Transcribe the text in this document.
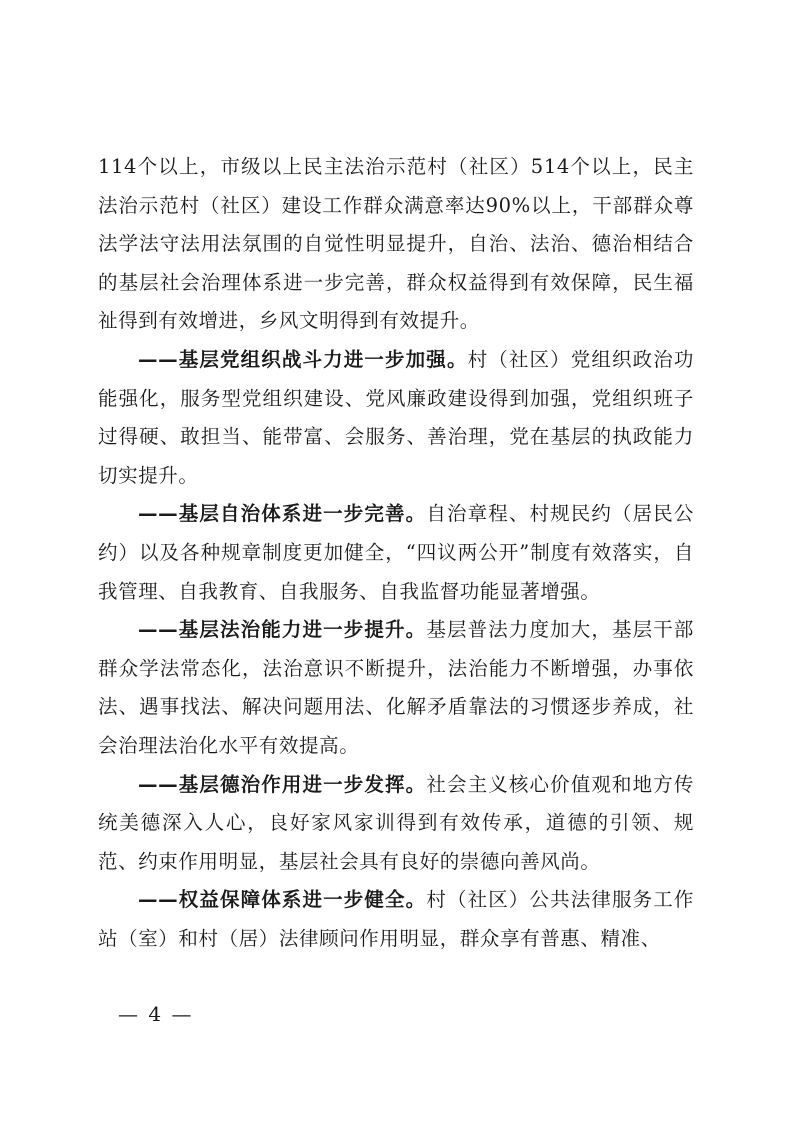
114个以上，市级以上民主法治示范村（社区）514个以上，民主法治示范村（社区）建设工作群众满意率达90%以上，干部群众尊法学法守法用法氛围的自觉性明显提升，自治、法治、德治相结合的基层社会治理体系进一步完善，群众权益得到有效保障，民生福祉得到有效增进，乡风文明得到有效提升。

——基层党组织战斗力进一步加强。村（社区）党组织政治功能强化，服务型党组织建设、党风廉政建设得到加强，党组织班子过得硬、敢担当、能带富、会服务、善治理，党在基层的执政能力切实提升。

——基层自治体系进一步完善。自治章程、村规民约（居民公约）以及各种规章制度更加健全，“四议两公开”制度有效落实，自我管理、自我教育、自我服务、自我监督功能显著增强。

——基层法治能力进一步提升。基层普法力度加大，基层干部群众学法常态化，法治意识不断提升，法治能力不断增强，办事依法、遇事找法、解决问题用法、化解矛盾靠法的习惯逐步养成，社会治理法治化水平有效提高。

——基层德治作用进一步发挥。社会主义核心价值观和地方传统美德深入人心，良好家风家训得到有效传承，道德的引领、规范、约束作用明显，基层社会具有良好的崇德向善风尚。

——权益保障体系进一步健全。村（社区）公共法律服务工作站（室）和村（居）法律顾问作用明显，群众享有普惠、精准、

— 4 —
